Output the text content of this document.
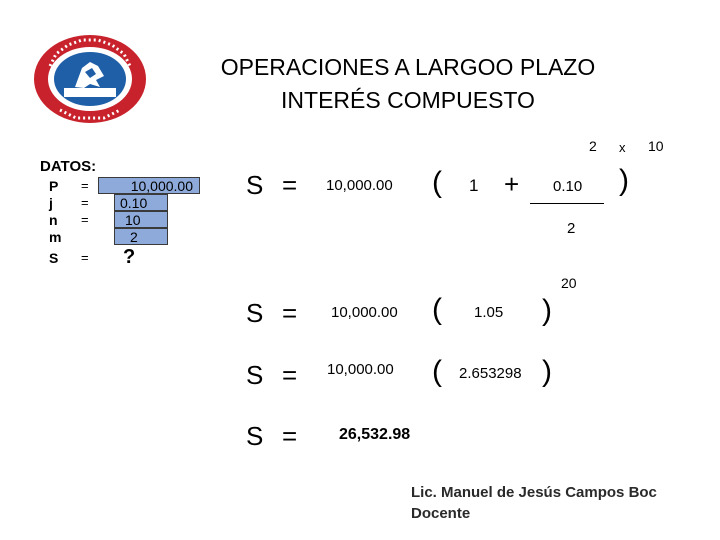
OPERACIONES A LARGOO PLAZO
INTERÉS COMPUESTO
DATOS:
P =	10,000.00
j =	0.10
n =	10
m	2
S = ?
S = 10,000.00 ( 1 + 0.10
2
)
2 x 10
20
S = 10,000.00 ( 1.05 )
S = 10,000.00 ( 2.653298 )
S =	26,532.98
Lic. Manuel de Jesús Campos Boc Docente
